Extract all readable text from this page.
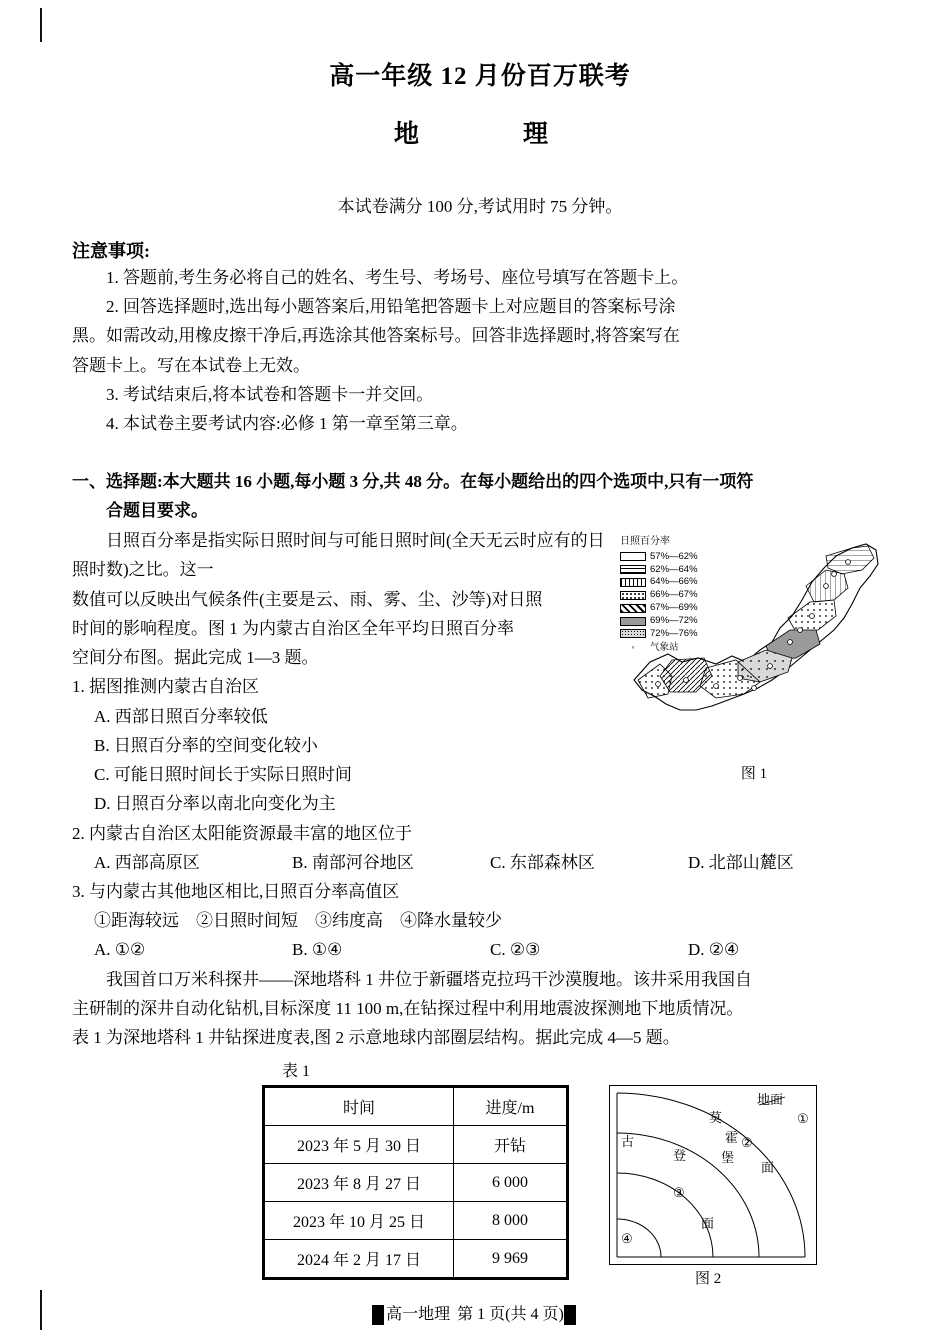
高一年级 12 月份百万联考
地　　理
本试卷满分 100 分,考试用时 75 分钟。
注意事项:
1. 答题前,考生务必将自己的姓名、考生号、考场号、座位号填写在答题卡上。
2. 回答选择题时,选出每小题答案后,用铅笔把答题卡上对应题目的答案标号涂
黑。如需改动,用橡皮擦干净后,再选涂其他答案标号。回答非选择题时,将答案写在
答题卡上。写在本试卷上无效。
3. 考试结束后,将本试卷和答题卡一并交回。
4. 本试卷主要考试内容:必修 1 第一章至第三章。
一、选择题:本大题共 16 小题,每小题 3 分,共 48 分。在每小题给出的四个选项中,只有一项符
合题目要求。
日照百分率
57%—62%
62%—64%
64%—66%
66%—67%
67%—69%
69%—72%
72%—76%
◦	气象站
图 1

日照百分率是指实际日照时间与可能日照时间(全天无云时应有的日照时数)之比。这一

数值可以反映出气候条件(主要是云、雨、雾、尘、沙等)对日照

时间的影响程度。图 1 为内蒙古自治区全年平均日照百分率

空间分布图。据此完成 1—3 题。

1. 据图推测内蒙古自治区

A. 西部日照百分率较低

B. 日照百分率的空间变化较小

C. 可能日照时间长于实际日照时间

D. 日照百分率以南北向变化为主

2. 内蒙古自治区太阳能资源最丰富的地区位于

A. 西部高原区	B. 南部河谷地区	C. 东部森林区	D. 北部山麓区

3. 与内蒙古其他地区相比,日照百分率高值区

①距海较远　②日照时间短　③纬度高　④降水量较少

A. ①②	B. ①④	C. ②③	D. ②④

我国首口万米科探井——深地塔科 1 井位于新疆塔克拉玛干沙漠腹地。该井采用我国自

主研制的深井自动化钻机,目标深度 11 100 m,在钻探过程中利用地震波探测地下地质情况。

表 1 为深地塔科 1 井钻探进度表,图 2 示意地球内部圈层结构。据此完成 4—5 题。

表 1
时间	进度/m
2023 年 5 月 30 日	开钻
2023 年 8 月 27 日	6 000
2023 年 10 月 25 日	8 000
2024 年 2 月 17 日	9 969
地面
①
②
③
④
莫
霍
堡
面
古
登
面
图 2
高一地理 第 1 页(共 4 页)
